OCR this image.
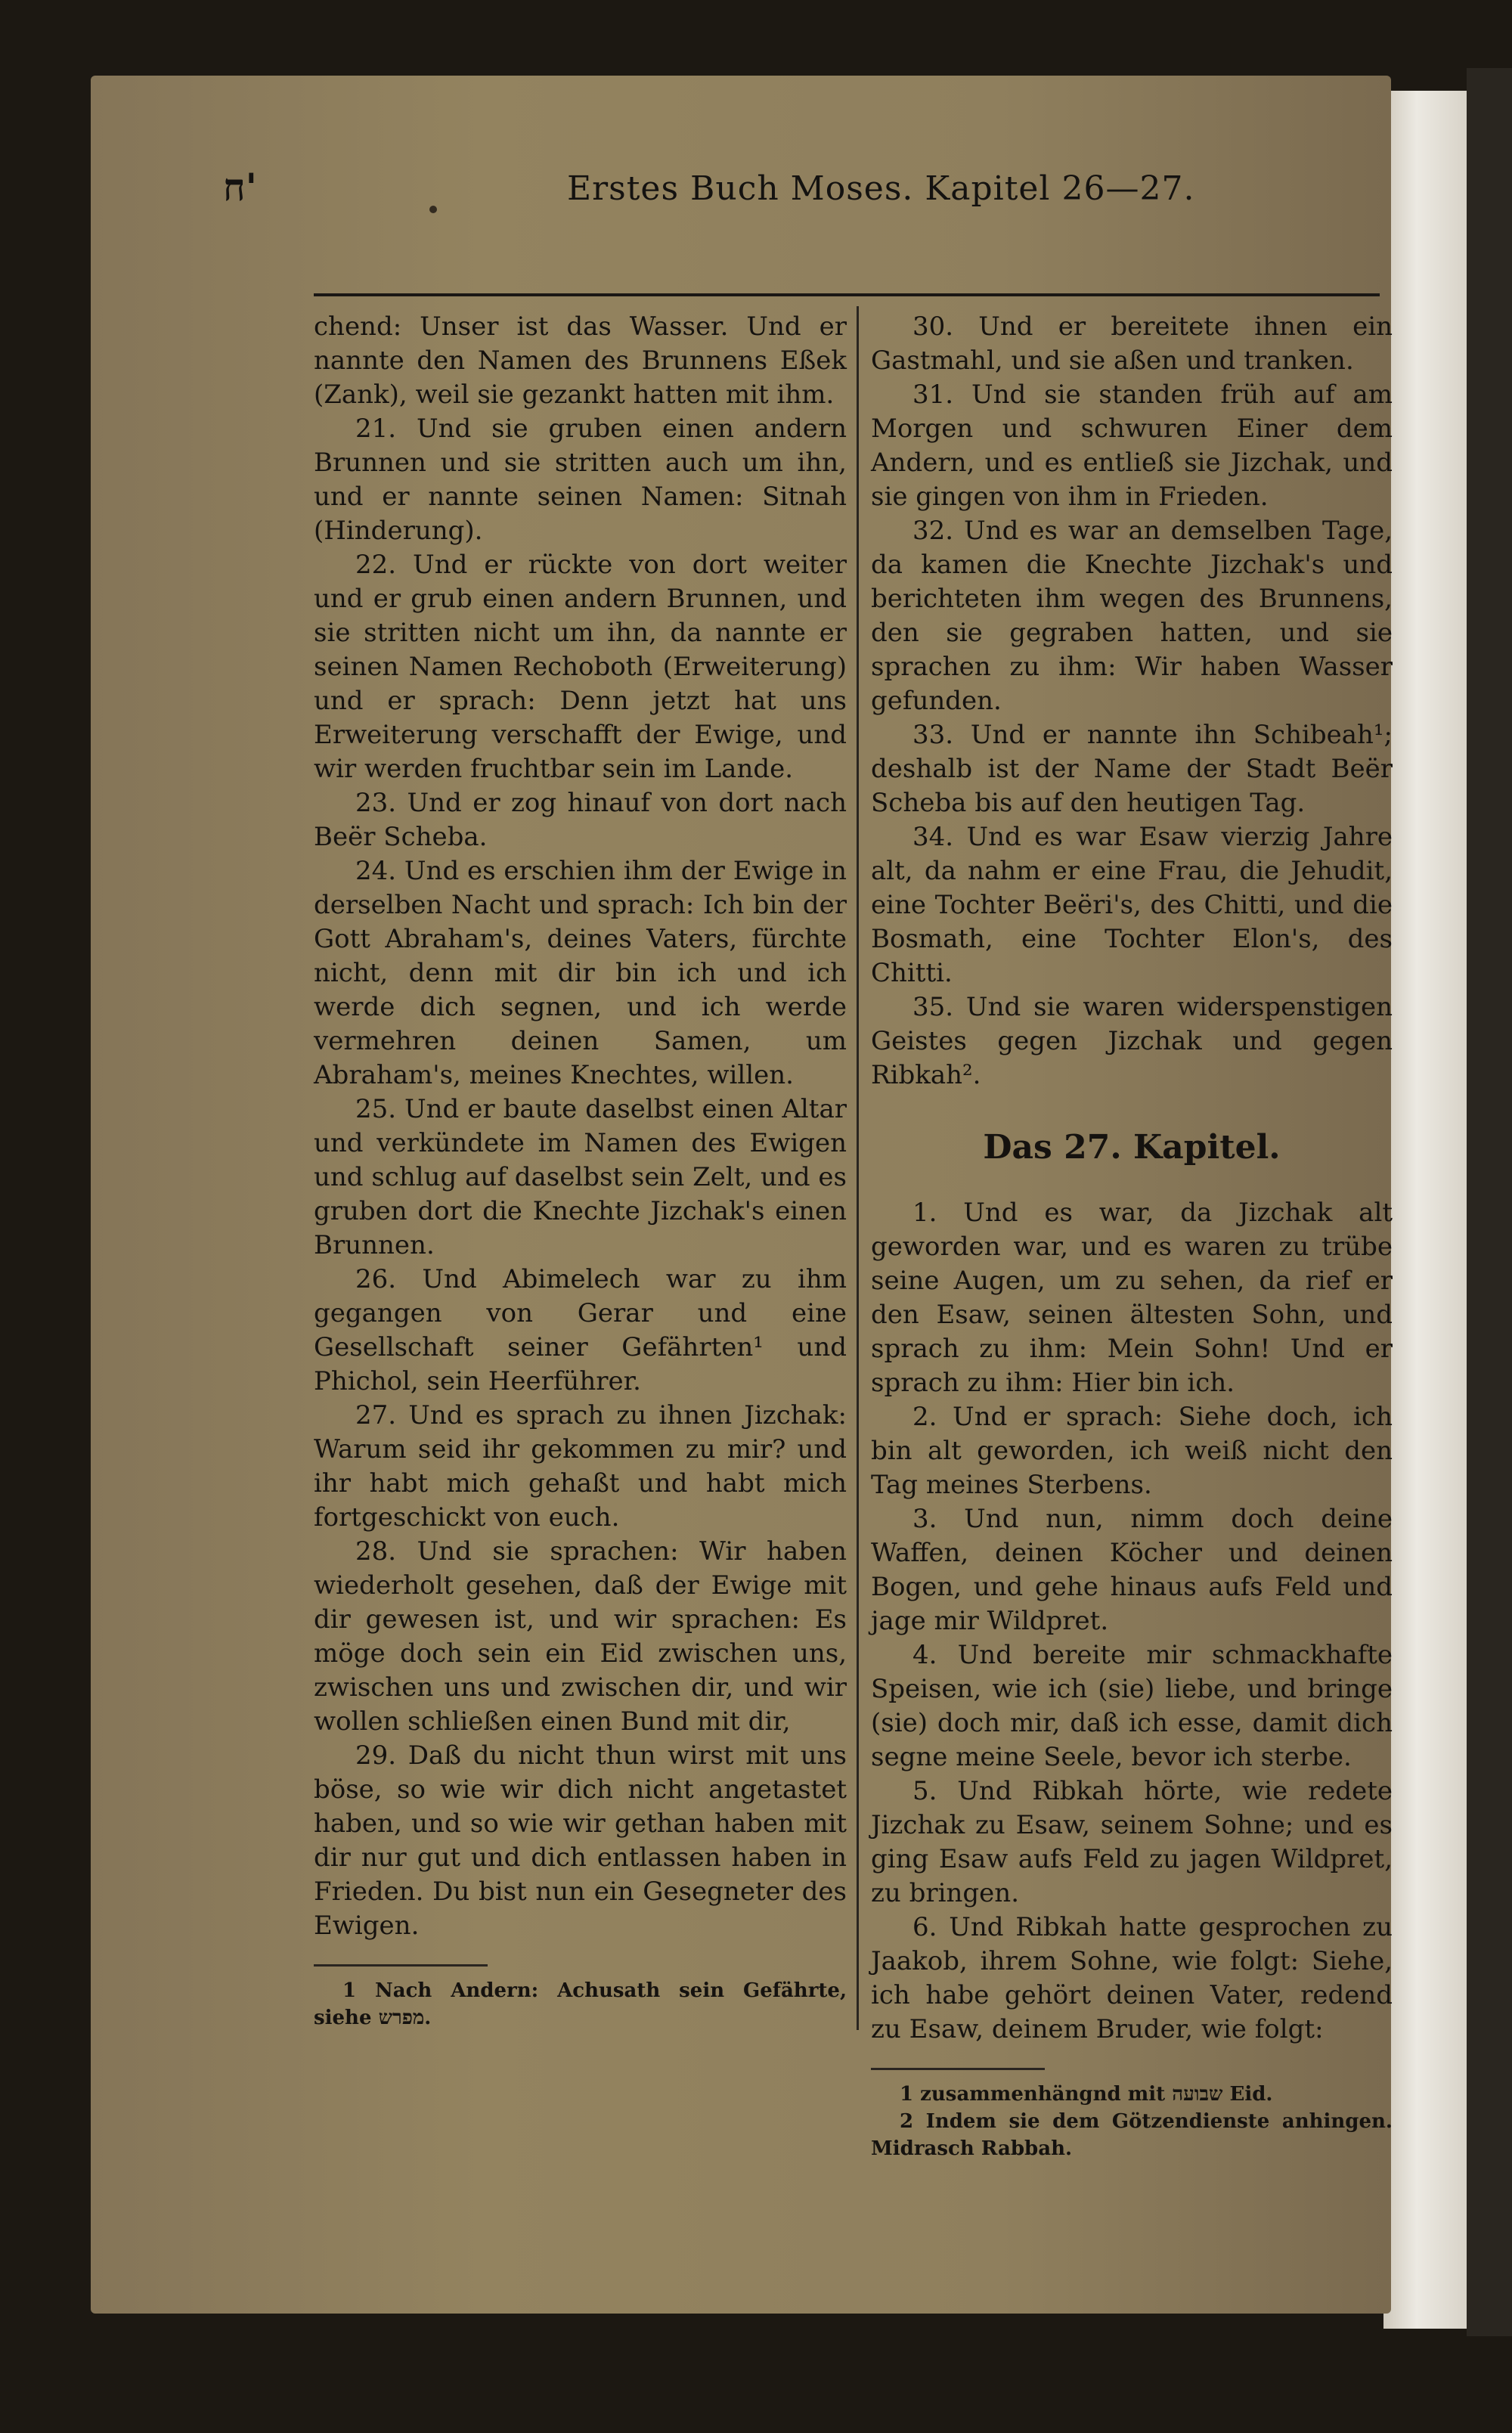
ח'	Erstes Buch Moses. Kapitel 26—27.

chend: Unser ist das Wasser. Und er nannte den Namen des Brunnens Eßek (Zank), weil sie gezankt hatten mit ihm.

21. Und sie gruben einen andern Brunnen und sie stritten auch um ihn, und er nannte seinen Namen: Sitnah (Hinderung).

22. Und er rückte von dort weiter und er grub einen andern Brunnen, und sie stritten nicht um ihn, da nannte er seinen Namen Rechoboth (Erweiterung) und er sprach: Denn jetzt hat uns Erweiterung verschafft der Ewige, und wir werden fruchtbar sein im Lande.

23. Und er zog hinauf von dort nach Beër Scheba.

24. Und es erschien ihm der Ewige in derselben Nacht und sprach: Ich bin der Gott Abraham's, deines Vaters, fürchte nicht, denn mit dir bin ich und ich werde dich segnen, und ich werde vermehren deinen Samen, um Abraham's, meines Knechtes, willen.

25. Und er baute daselbst einen Altar und verkündete im Namen des Ewigen und schlug auf daselbst sein Zelt, und es gruben dort die Knechte Jizchak's einen Brunnen.

26. Und Abimelech war zu ihm gegangen von Gerar und eine Gesellschaft seiner Gefährten¹ und Phichol, sein Heerführer.

27. Und es sprach zu ihnen Jizchak: Warum seid ihr gekommen zu mir? und ihr habt mich gehaßt und habt mich fortgeschickt von euch.

28. Und sie sprachen: Wir haben wiederholt gesehen, daß der Ewige mit dir gewesen ist, und wir sprachen: Es möge doch sein ein Eid zwischen uns, zwischen uns und zwischen dir, und wir wollen schließen einen Bund mit dir,

29. Daß du nicht thun wirst mit uns böse, so wie wir dich nicht angetastet haben, und so wie wir gethan haben mit dir nur gut und dich entlassen haben in Frieden. Du bist nun ein Gesegneter des Ewigen.

1 Nach Andern: Achusath sein Gefährte, siehe מפרש.

30. Und er bereitete ihnen ein Gastmahl, und sie aßen und tranken.

31. Und sie standen früh auf am Morgen und schwuren Einer dem Andern, und es entließ sie Jizchak, und sie gingen von ihm in Frieden.

32. Und es war an demselben Tage, da kamen die Knechte Jizchak's und berichteten ihm wegen des Brunnens, den sie gegraben hatten, und sie sprachen zu ihm: Wir haben Wasser gefunden.

33. Und er nannte ihn Schibeah¹; deshalb ist der Name der Stadt Beër Scheba bis auf den heutigen Tag.

34. Und es war Esaw vierzig Jahre alt, da nahm er eine Frau, die Jehudit, eine Tochter Beëri's, des Chitti, und die Bosmath, eine Tochter Elon's, des Chitti.

35. Und sie waren widerspenstigen Geistes gegen Jizchak und gegen Ribkah².

Das 27. Kapitel.

1. Und es war, da Jizchak alt geworden war, und es waren zu trübe seine Augen, um zu sehen, da rief er den Esaw, seinen ältesten Sohn, und sprach zu ihm: Mein Sohn! Und er sprach zu ihm: Hier bin ich.

2. Und er sprach: Siehe doch, ich bin alt geworden, ich weiß nicht den Tag meines Sterbens.

3. Und nun, nimm doch deine Waffen, deinen Köcher und deinen Bogen, und gehe hinaus aufs Feld und jage mir Wildpret.

4. Und bereite mir schmackhafte Speisen, wie ich (sie) liebe, und bringe (sie) doch mir, daß ich esse, damit dich segne meine Seele, bevor ich sterbe.

5. Und Ribkah hörte, wie redete Jizchak zu Esaw, seinem Sohne; und es ging Esaw aufs Feld zu jagen Wildpret, zu bringen.

6. Und Ribkah hatte gesprochen zu Jaakob, ihrem Sohne, wie folgt: Siehe, ich habe gehört deinen Vater, redend zu Esaw, deinem Bruder, wie folgt:

1 zusammenhängnd mit שבועה Eid.

2 Indem sie dem Götzendienste anhingen. Midrasch Rabbah.
